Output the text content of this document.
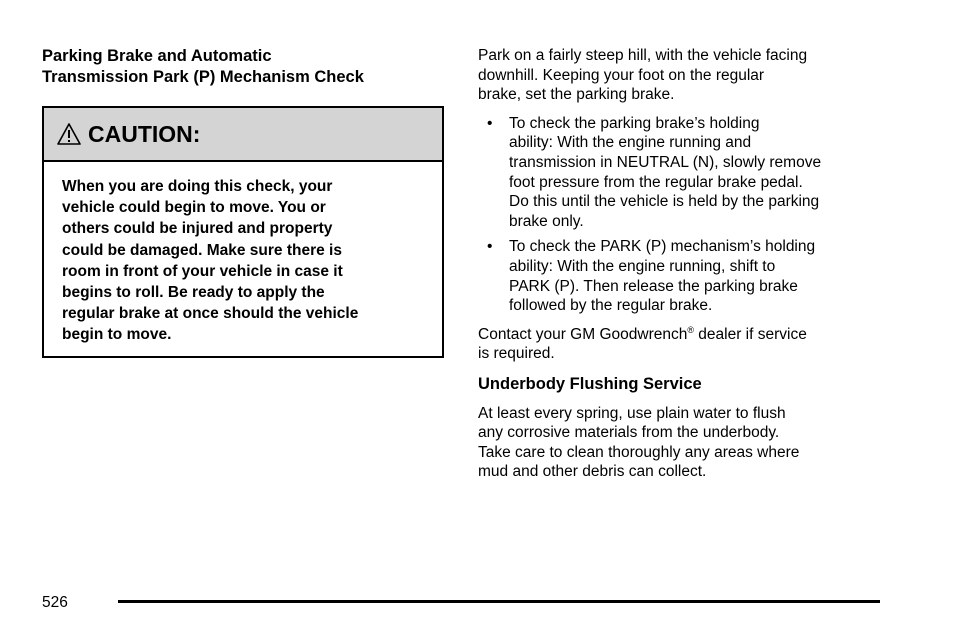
Parking Brake and Automatic
Transmission Park (P) Mechanism Check
CAUTION:
When you are doing this check, your
vehicle could begin to move. You or
others could be injured and property
could be damaged. Make sure there is
room in front of your vehicle in case it
begins to roll. Be ready to apply the
regular brake at once should the vehicle
begin to move.

Park on a fairly steep hill, with the vehicle facing
downhill. Keeping your foot on the regular
brake, set the parking brake.

• To check the parking brake’s holding
ability: With the engine running and
transmission in NEUTRAL (N), slowly remove
foot pressure from the regular brake pedal.
Do this until the vehicle is held by the parking
brake only.
• To check the PARK (P) mechanism’s holding
ability: With the engine running, shift to
PARK (P). Then release the parking brake
followed by the regular brake.

Contact your GM Goodwrench® dealer if service
is required.

Underbody Flushing Service

At least every spring, use plain water to flush
any corrosive materials from the underbody.
Take care to clean thoroughly any areas where
mud and other debris can collect.

526
